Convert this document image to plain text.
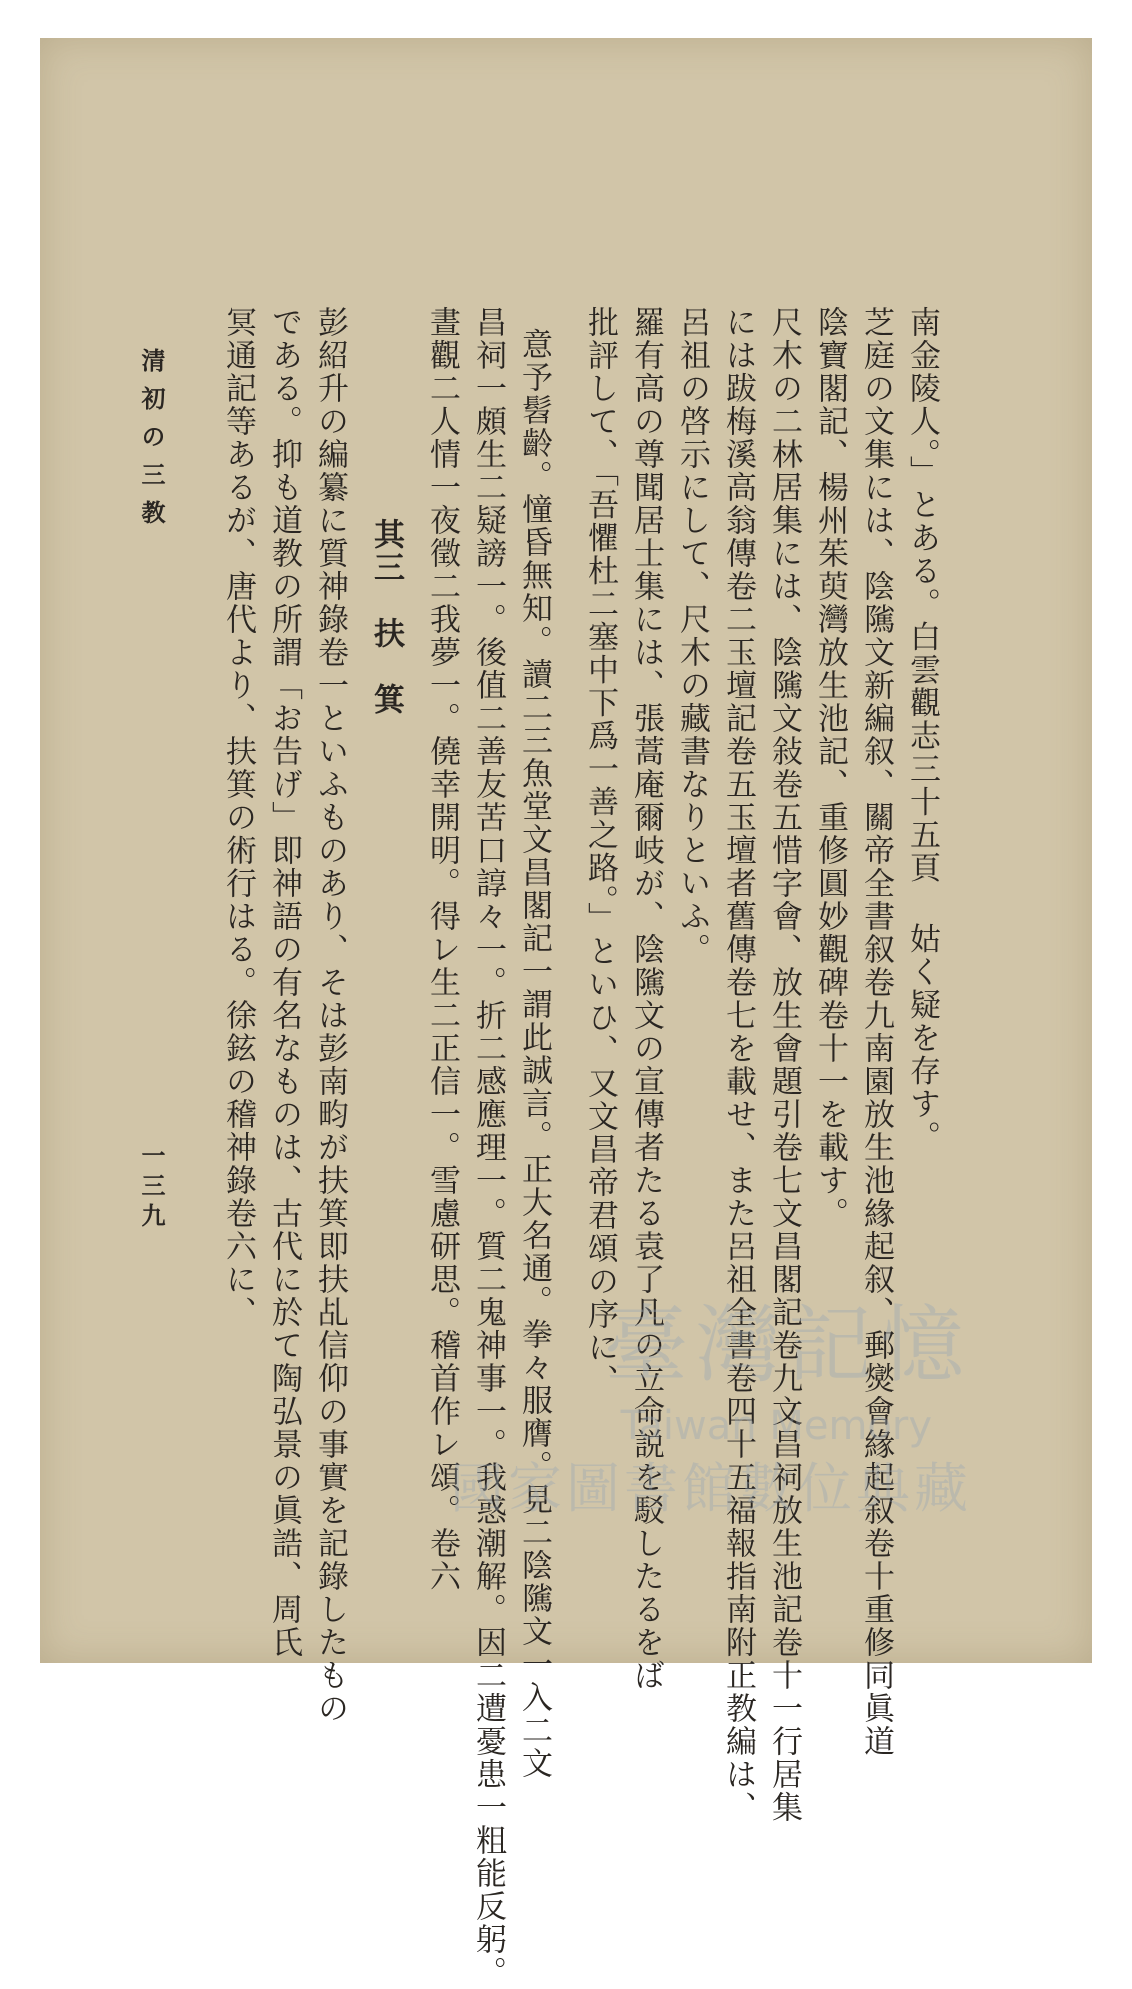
南金陵人。」とある。白雲觀志三十五頁 姑く疑を存す。
芝庭の文集には、陰隲文新編叙、關帝全書叙卷九南園放生池緣起叙、郵爕會緣起叙卷十重修同眞道
陰寶閣記、楊州茱萸灣放生池記、重修圓妙觀碑卷十一を載す。
尺木の二林居集には、陰隲文敍卷五惜字會、放生會題引卷七文昌閣記卷九文昌祠放生池記卷十一行居集
には跋梅溪高翁傳卷二玉壇記卷五玉壇者舊傳卷七を載せ、また呂祖全書卷四十五福報指南附正教編は、
呂祖の啓示にして、尺木の藏書なりといふ。
羅有高の尊聞居士集には、張蒿庵爾岐が、陰隲文の宣傳者たる袁了凡の立命説を駁したるをば
批評して、「吾懼杜二塞中下爲一善之路。」といひ、又文昌帝君頌の序に、
意予髫齡。憧昏無知。讀二三魚堂文昌閣記一謂此誠言。正大名通。拳々服膺。見二陰隲文一入二文
昌祠一頗生二疑謗一。後值二善友苦口諄々一。折二感應理一。質二鬼神事一。我惑潮解。因二遭憂患一粗能反躬。
晝觀二人情一夜徵二我夢一。僥幸開明。得レ生二正信一。雪慮研思。稽首作レ頌。卷六
其三　扶　箕
彭紹升の編纂に質神錄卷一といふものあり、そは彭南畇が扶箕即扶乩信仰の事實を記錄したもの
である。抑も道教の所謂「お告げ」即神語の有名なものは、古代に於て陶弘景の眞誥、周氏
冥通記等あるが、唐代より、扶箕の術行はる。徐鉉の稽神錄卷六に、
清初の三教
一三九
臺灣記憶
Taiwan Memory
國家圖書館數位典藏
